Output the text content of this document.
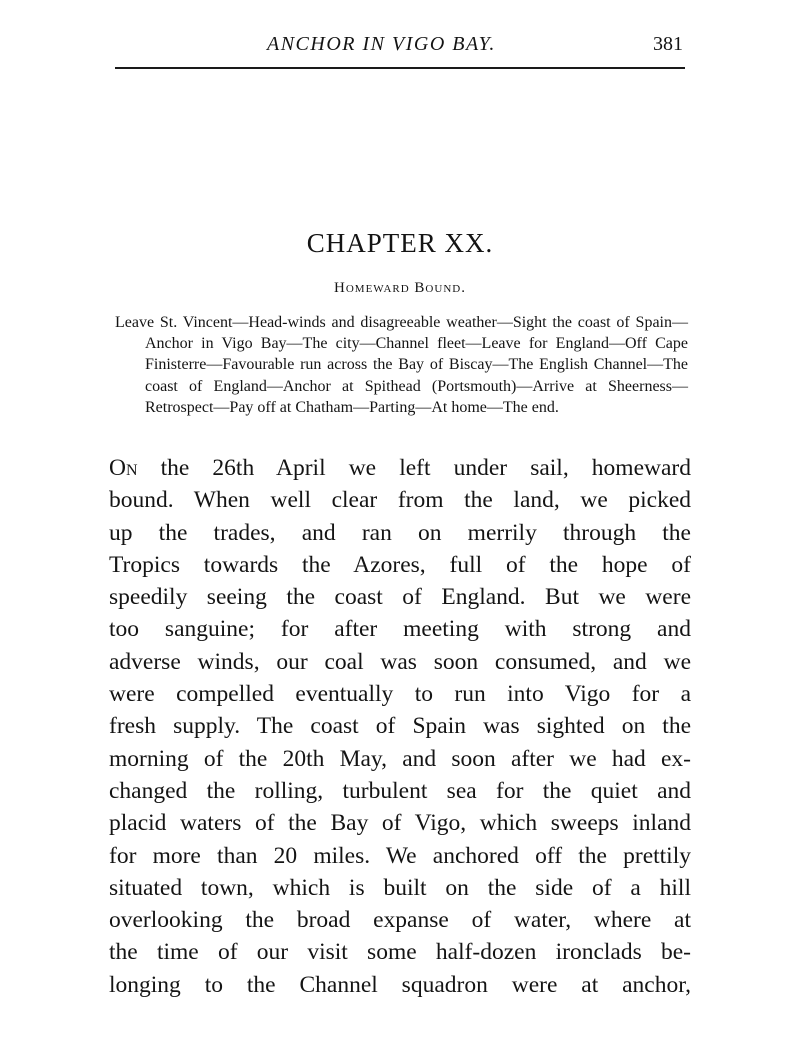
ANCHOR IN VIGO BAY.	381
CHAPTER XX.
Homeward Bound.
Leave St. Vincent—Head-winds and disagreeable weather—Sight the coast of Spain—Anchor in Vigo Bay—The city—Channel fleet—Leave for England—Off Cape Finisterre—Favourable run across the Bay of Biscay—The English Channel—The coast of England—Anchor at Spithead (Portsmouth)—Arrive at Sheerness—Retrospect—Pay off at Chatham—Parting—At home—The end.
On the 26th April we left under sail, homeward
bound. When well clear from the land, we picked
up the trades, and ran on merrily through the
Tropics towards the Azores, full of the hope of
speedily seeing the coast of England. But we were
too sanguine; for after meeting with strong and
adverse winds, our coal was soon consumed, and we
were compelled eventually to run into Vigo for a
fresh supply. The coast of Spain was sighted on the
morning of the 20th May, and soon after we had ex-
changed the rolling, turbulent sea for the quiet and
placid waters of the Bay of Vigo, which sweeps inland
for more than 20 miles. We anchored off the prettily
situated town, which is built on the side of a hill
overlooking the broad expanse of water, where at
the time of our visit some half-dozen ironclads be-
longing to the Channel squadron were at anchor,
